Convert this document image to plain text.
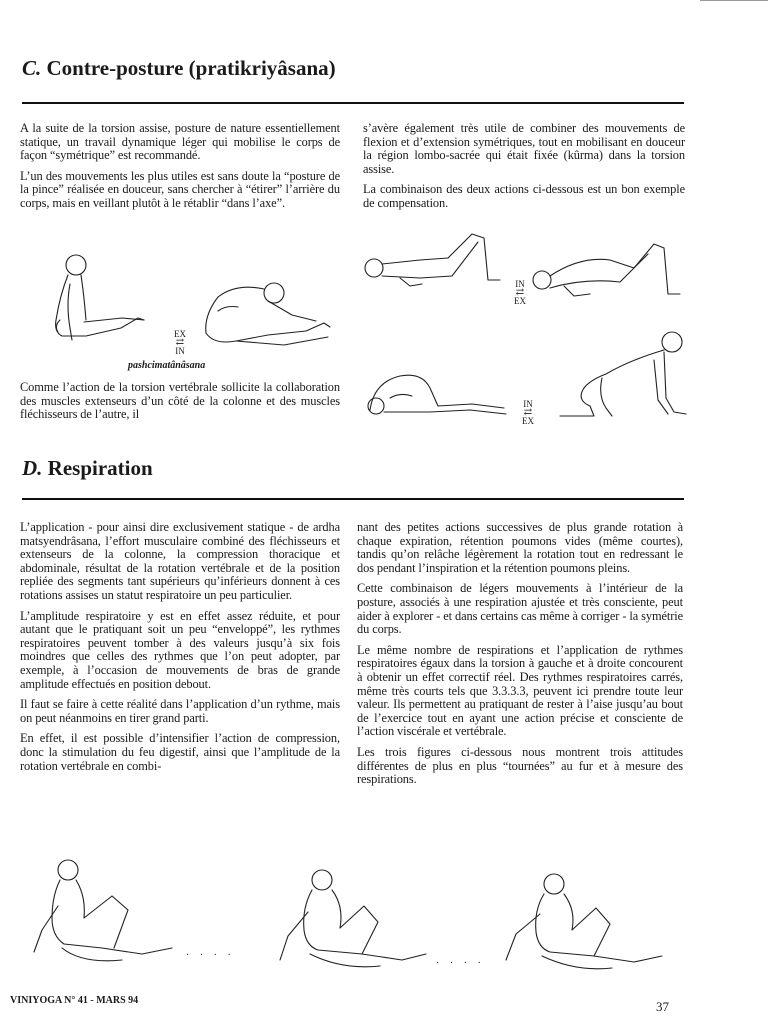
C. Contre-posture (pratikriyâsana)

A la suite de la torsion assise, posture de nature essentiellement statique, un travail dynamique léger qui mobilise le corps de façon “symétrique” est recommandé.

L’un des mouvements les plus utiles est sans doute la “posture de la pince” réalisée en douceur, sans chercher à “étirer” l’arrière du corps, mais en veillant plutôt à le rétablir “dans l’axe”.

s’avère également très utile de combiner des mouvements de flexion et d’extension symétriques, tout en mobilisant en douceur la région lombo-sacrée qui était fixée (kûrma) dans la torsion assise.

La combinaison des deux actions ci-dessous est un bon exemple de compensation.

EX
⇄
IN
pashcimatânâsana
IN
⇄
EX
IN
⇄
EX

Comme l’action de la torsion vertébrale sollicite la collaboration des muscles extenseurs d’un côté de la colonne et des muscles fléchisseurs de l’autre, il

D. Respiration

L’application - pour ainsi dire exclusivement statique - de ardha matsyendrâsana, l’effort musculaire combiné des fléchisseurs et extenseurs de la colonne, la compression thoracique et abdominale, résultat de la rotation vertébrale et de la position repliée des segments tant supérieurs qu’inférieurs donnent à ces rotations assises un statut respiratoire un peu particulier.

L’amplitude respiratoire y est en effet assez réduite, et pour autant que le pratiquant soit un peu “enveloppé”, les rythmes respiratoires peuvent tomber à des valeurs jusqu’à six fois moindres que celles des rythmes que l’on peut adopter, par exemple, à l’occasion de mouvements de bras de grande amplitude effectués en position debout.

Il faut se faire à cette réalité dans l’application d’un rythme, mais on peut néanmoins en tirer grand parti.

En effet, il est possible d’intensifier l’action de compression, donc la stimulation du feu digestif, ainsi que l’amplitude de la rotation vertébrale en combi-

nant des petites actions successives de plus grande rotation à chaque expiration, rétention poumons vides (même courtes), tandis qu’on relâche légèrement la rotation tout en redressant le dos pendant l’inspiration et la rétention poumons pleins.

Cette combinaison de légers mouvements à l’intérieur de la posture, associés à une respiration ajustée et très consciente, peut aider à explorer - et dans certains cas même à corriger - la symétrie du corps.

Le même nombre de respirations et l’application de rythmes respiratoires égaux dans la torsion à gauche et à droite concourent à obtenir un effet correctif réel. Des rythmes respiratoires carrés, même très courts tels que 3.3.3.3, peuvent ici prendre toute leur valeur. Ils permettent au pratiquant de rester à l’aise jusqu’au bout de l’exercice tout en ayant une action précise et consciente de l’action viscérale et vertébrale.

Les trois figures ci-dessous nous montrent trois attitudes différentes de plus en plus “tournées” au fur et à mesure des respirations.

· · · ·
· · · ·
VINIYOGA N° 41 - MARS 94	37
